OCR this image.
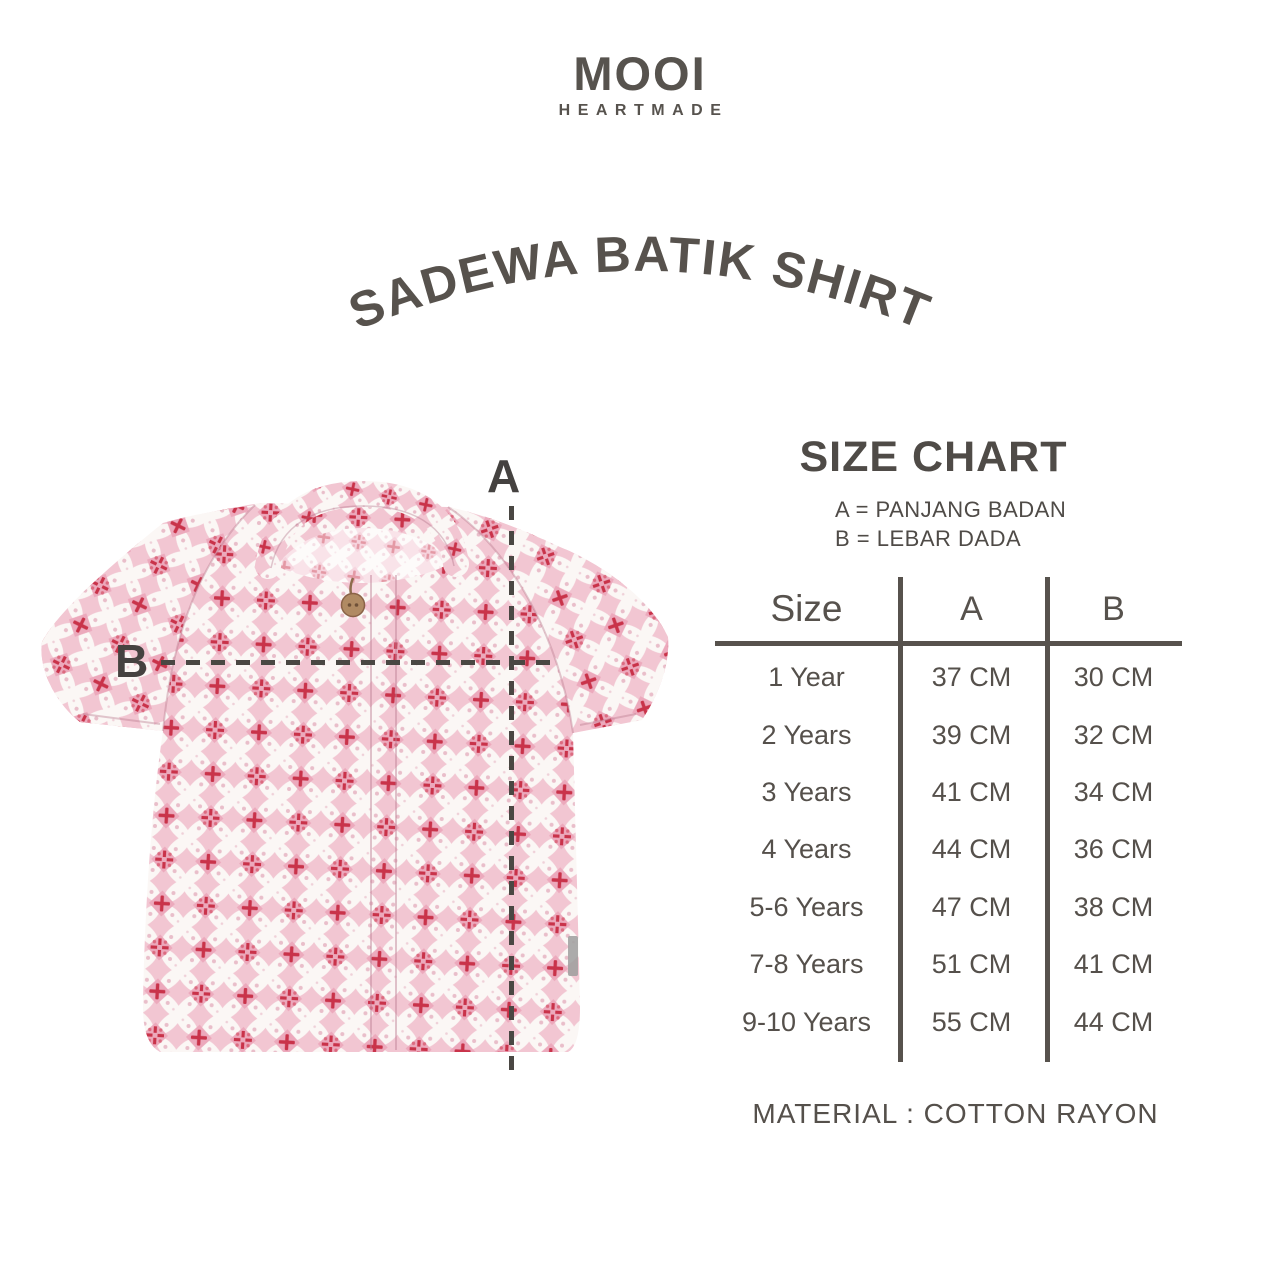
MOOI
HEARTMADE
SADEWA BATIK SHIRT
A
B
SIZE CHART
A = PANJANG BADAN
B = LEBAR DADA
Size	A	B
1 Year	37 CM	30 CM
2 Years	39 CM	32 CM
3 Years	41 CM	34 CM
4 Years	44 CM	36 CM
5-6 Years	47 CM	38 CM
7-8 Years	51 CM	41 CM
9-10 Years	55 CM	44 CM
MATERIAL : COTTON RAYON
